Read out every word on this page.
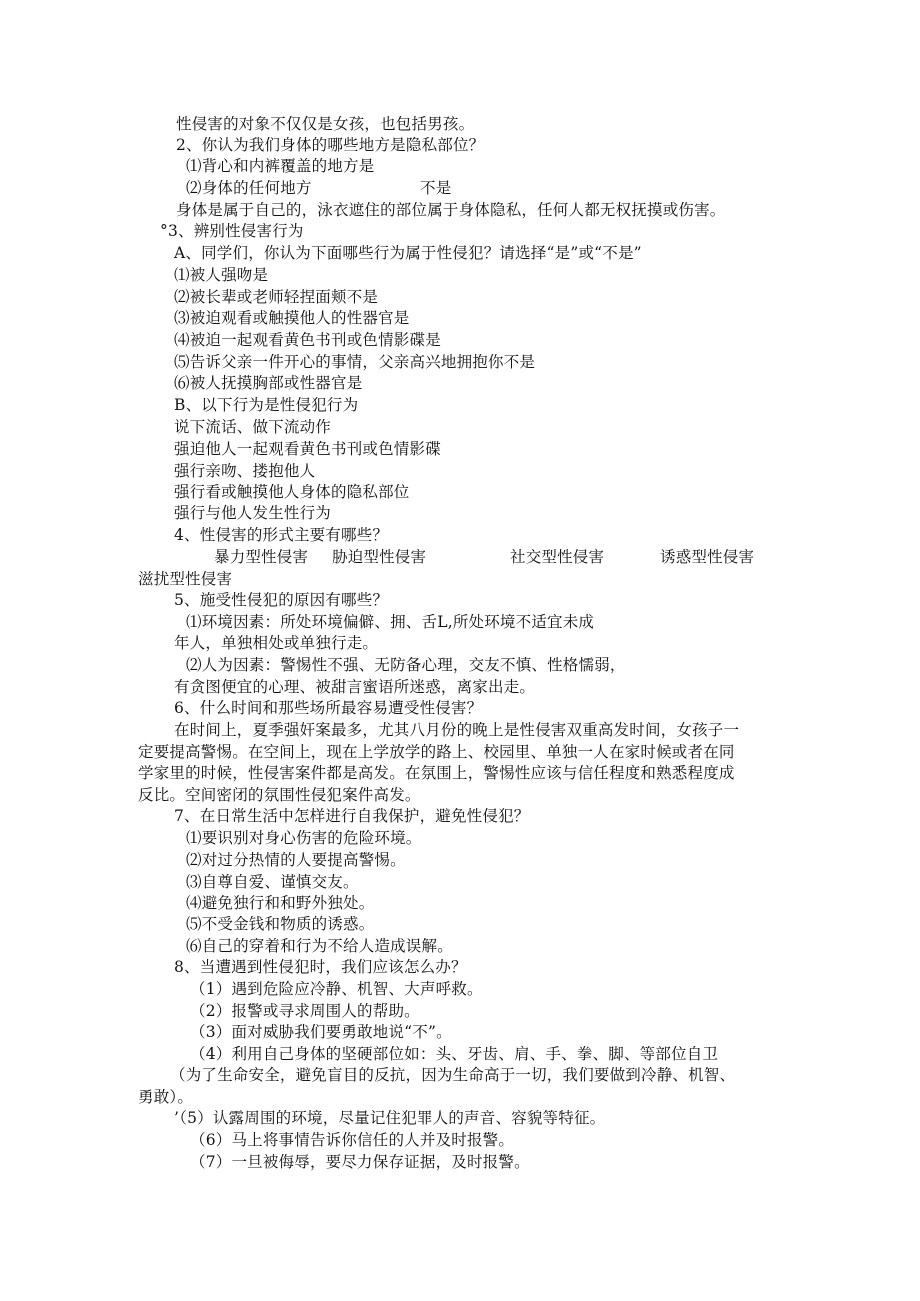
性侵害的对象不仅仅是女孩，也包括男孩。
2、你认为我们身体的哪些地方是隐私部位？
⑴背心和内裤覆盖的地方是
⑵身体的任何地方	不是
身体是属于自己的，泳衣遮住的部位属于身体隐私，任何人都无权抚摸或伤害。
°3、辨别性侵害行为
A、同学们，你认为下面哪些行为属于性侵犯？请选择“是”或“不是”
⑴被人强吻是
⑵被长辈或老师轻捏面颊不是
⑶被迫观看或触摸他人的性器官是
⑷被迫一起观看黄色书刊或色情影碟是
⑸告诉父亲一件开心的事情，父亲高兴地拥抱你不是
⑹被人抚摸胸部或性器官是
B、以下行为是性侵犯行为
说下流话、做下流动作
强迫他人一起观看黄色书刊或色情影碟
强行亲吻、搂抱他人
强行看或触摸他人身体的隐私部位
强行与他人发生性行为
4、性侵害的形式主要有哪些？
暴力型性侵害 胁迫型性侵害	社交型性侵害	诱惑型性侵害
滋扰型性侵害
5、施受性侵犯的原因有哪些？
⑴环境因素：所处环境偏僻、拥、舌L,所处环境不适宜未成
年人，单独相处或单独行走。
⑵人为因素：警惕性不强、无防备心理，交友不慎、性格懦弱，
有贪图便宜的心理、被甜言蜜语所迷惑，离家出走。
6、什么时间和那些场所最容易遭受性侵害？
在时间上，夏季强奸案最多，尤其八月份的晚上是性侵害双重高发时间，女孩子一
定要提高警惕。在空间上，现在上学放学的路上、校园里、单独一人在家时候或者在同
学家里的时候，性侵害案件都是高发。在氛围上，警惕性应该与信任程度和熟悉程度成
反比。空间密闭的氛围性侵犯案件高发。
7、在日常生活中怎样进行自我保护，避免性侵犯？
⑴要识别对身心伤害的危险环境。
⑵对过分热情的人要提高警惕。
⑶自尊自爱、谨慎交友。
⑷避免独行和和野外独处。
⑸不受金钱和物质的诱惑。
⑹自己的穿着和行为不给人造成误解。
8、当遭遇到性侵犯时，我们应该怎么办？
（1）遇到危险应冷静、机智、大声呼救。
（2）报警或寻求周围人的帮助。
（3）面对威胁我们要勇敢地说“不”。
（4）利用自己身体的坚硬部位如：头、牙齿、肩、手、拳、脚、等部位自卫
（为了生命安全，避免盲目的反抗，因为生命高于一切，我们要做到冷静、机智、
勇敢）。
’（5）认露周围的环境，尽量记住犯罪人的声音、容貌等特征。
（6）马上将事情告诉你信任的人并及时报警。
（7）一旦被侮辱，要尽力保存证据，及时报警。
